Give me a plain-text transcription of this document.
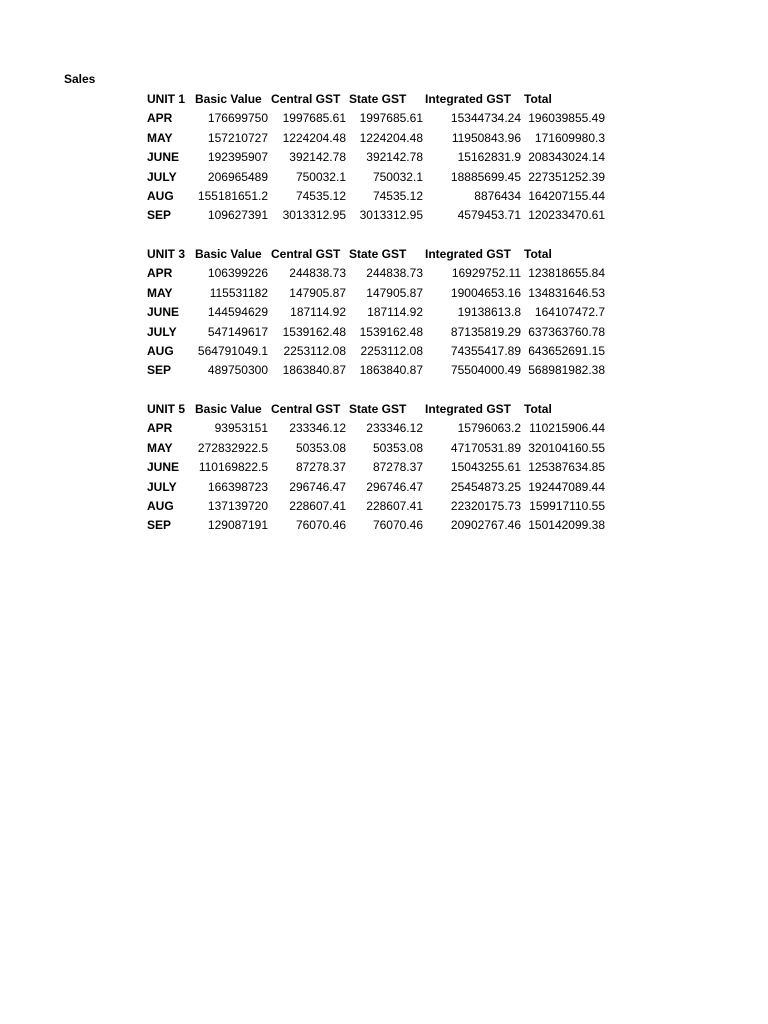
Sales
UNIT 1 Basic Value Central GST State GST Integrated GST Total
APR	176699750 1997685.61 1997685.61 15344734.24 196039855.49
MAY	157210727 1224204.48 1224204.48 11950843.96 171609980.3
JUNE 192395907 392142.78 392142.78	15162831.9 208343024.14
JULY	206965489 750032.1 750032.1 18885699.45 227351252.39
AUG 155181651.2 74535.12 74535.12	8876434 164207155.44
SEP	109627391 3013312.95 3013312.95	4579453.71 120233470.61
UNIT 3 Basic Value Central GST State GST Integrated GST Total
APR	106399226 244838.73 244838.73 16929752.11 123818655.84
MAY	115531182 147905.87 147905.87 19004653.16 134831646.53
JUNE 144594629 187114.92 187114.92	19138613.8 164107472.7
JULY	547149617 1539162.48 1539162.48 87135819.29 637363760.78
AUG 564791049.1 2253112.08 2253112.08 74355417.89 643652691.15
SEP	489750300 1863840.87 1863840.87 75504000.49 568981982.38
UNIT 5 Basic Value Central GST State GST Integrated GST Total
APR	93953151 233346.12 233346.12	15796063.2 110215906.44
MAY 272832922.5 50353.08 50353.08 47170531.89 320104160.55
JUNE 110169822.5 87278.37 87278.37 15043255.61 125387634.85
JULY	166398723 296746.47 296746.47 25454873.25 192447089.44
AUG	137139720 228607.41 228607.41 22320175.73 159917110.55
SEP	129087191 76070.46 76070.46 20902767.46 150142099.38
